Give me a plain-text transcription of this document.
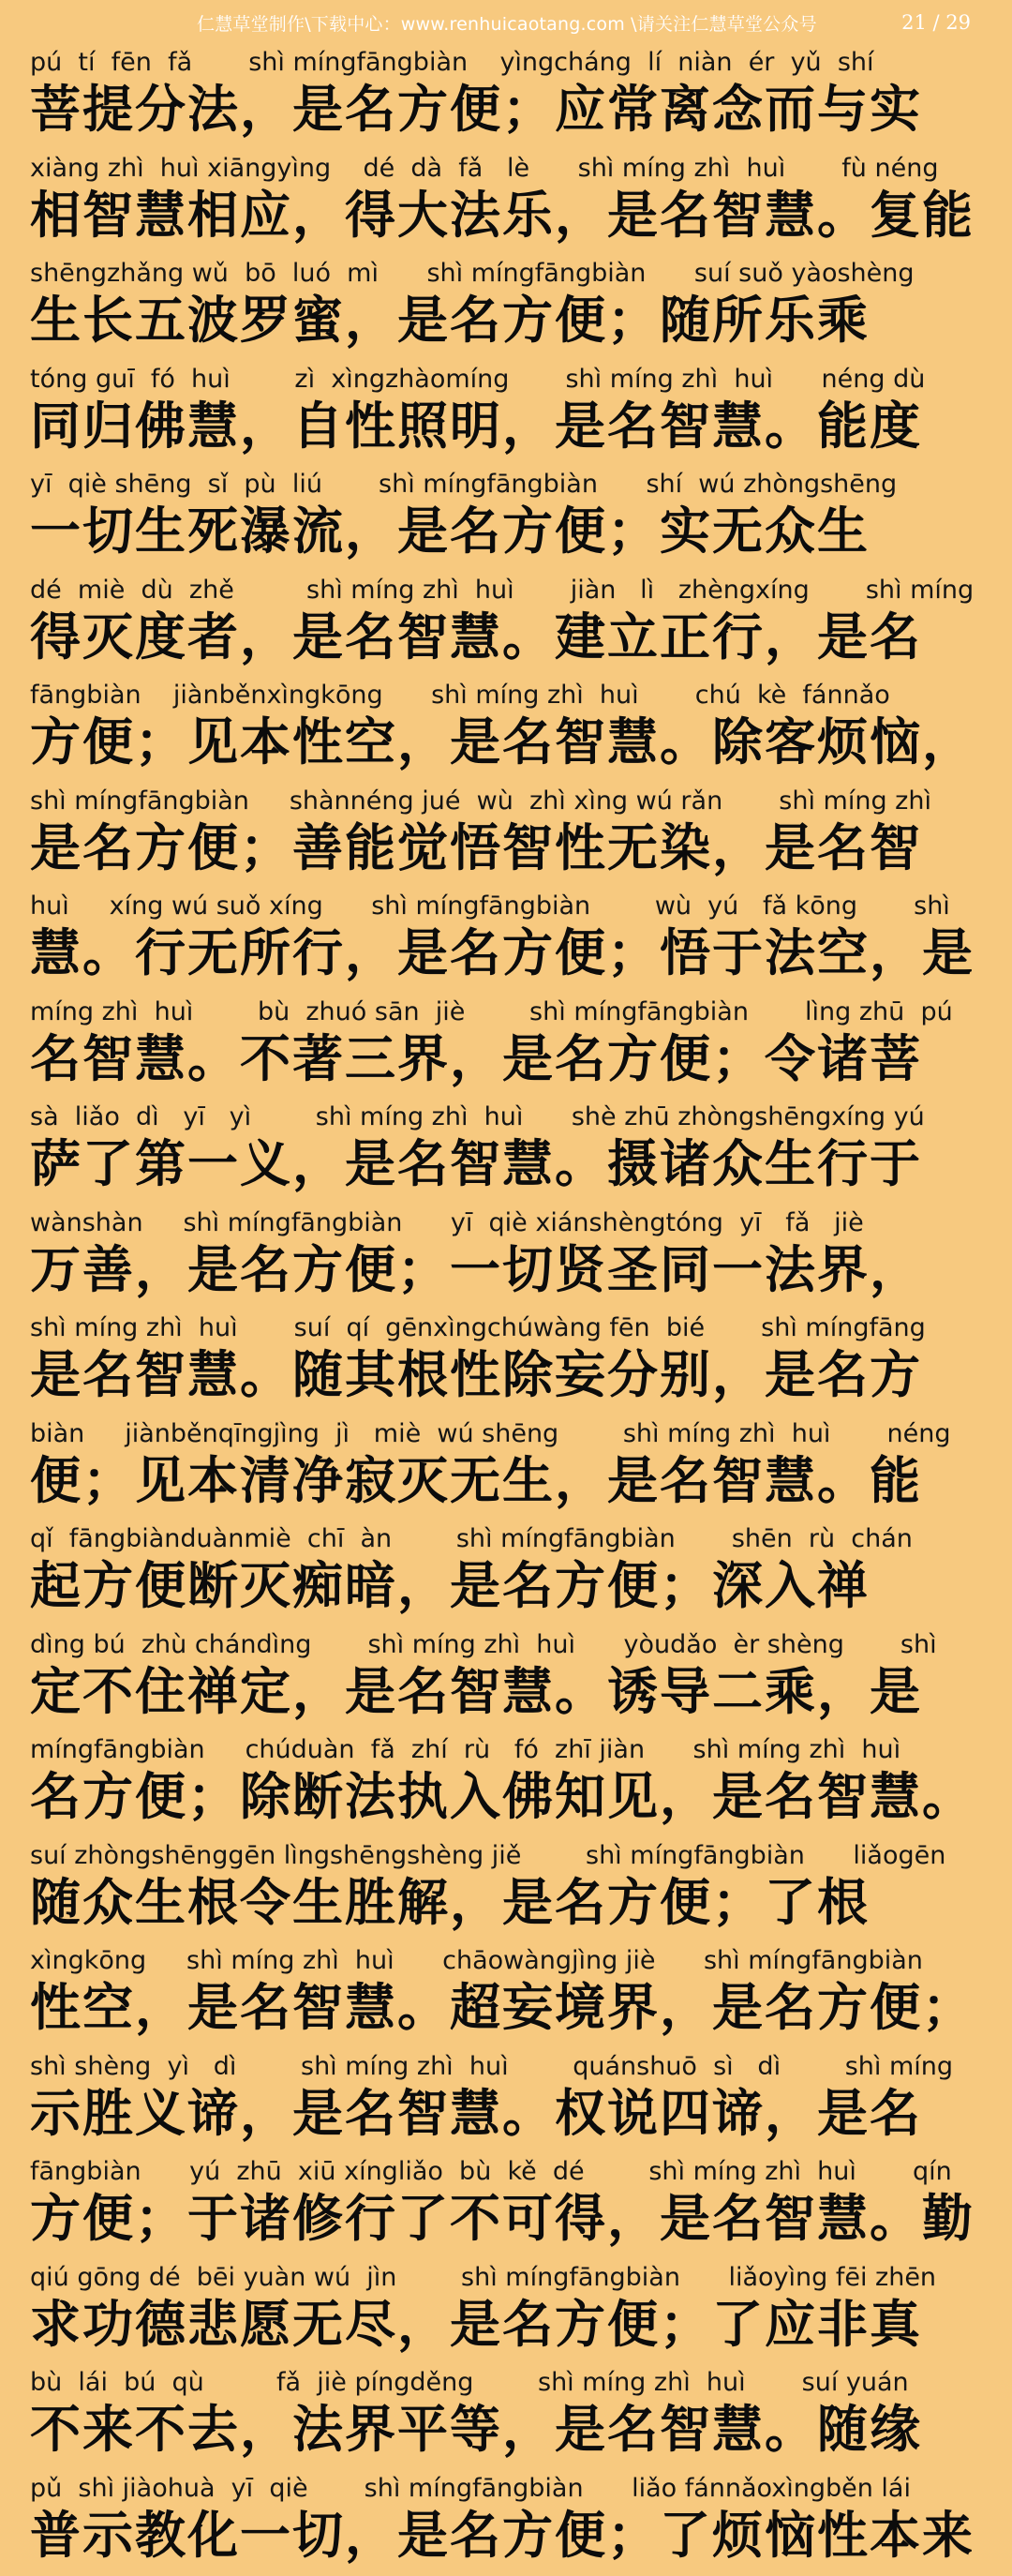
仁慧草堂制作\下载中心：www.renhuicaotang.com \请关注仁慧草堂公众号	21 / 29
pú  tí  fēn  fǎ       shì míngfāngbiàn    yìngcháng  lí  niàn  ér  yǔ  shí
菩提分法，是名方便；应常离念而与实
xiàng zhì  huì xiāngyìng    dé  dà  fǎ   lè      shì míng zhì  huì       fù néng
相智慧相应，得大法乐，是名智慧。复能
shēngzhǎng wǔ  bō  luó  mì      shì míngfāngbiàn      suí suǒ yàoshèng
生长五波罗蜜，是名方便；随所乐乘
tóng guī  fó  huì        zì  xìngzhàomíng       shì míng zhì  huì      néng dù
同归佛慧，自性照明，是名智慧。能度
yī  qiè shēng  sǐ  pù  liú       shì míngfāngbiàn      shí  wú zhòngshēng
一切生死瀑流，是名方便；实无众生
dé  miè  dù  zhě         shì míng zhì  huì       jiàn   lì   zhèngxíng       shì míng
得灭度者，是名智慧。建立正行，是名
fāngbiàn    jiànběnxìngkōng      shì míng zhì  huì       chú  kè  fánnǎo
方便；见本性空，是名智慧。除客烦恼，
shì míngfāngbiàn     shànnéng jué  wù  zhì xìng wú rǎn       shì míng zhì
是名方便；善能觉悟智性无染，是名智
huì     xíng wú suǒ xíng      shì míngfāngbiàn        wù  yú   fǎ kōng       shì
慧。行无所行，是名方便；悟于法空，是
míng zhì  huì        bù  zhuó sān  jiè        shì míngfāngbiàn       lìng zhū  pú
名智慧。不著三界，是名方便；令诸菩
sà  liǎo  dì   yī   yì        shì míng zhì  huì      shè zhū zhòngshēngxíng yú
萨了第一义，是名智慧。摄诸众生行于
wànshàn     shì míngfāngbiàn      yī  qiè xiánshèngtóng  yī   fǎ   jiè
万善，是名方便；一切贤圣同一法界，
shì míng zhì  huì       suí  qí  gēnxìngchúwàng fēn  bié       shì míngfāng
是名智慧。随其根性除妄分别，是名方
biàn     jiànběnqīngjìng  jì   miè  wú shēng        shì míng zhì  huì       néng
便；见本清净寂灭无生，是名智慧。能
qǐ  fāngbiànduànmiè  chī  àn        shì míngfāngbiàn       shēn  rù  chán
起方便断灭痴暗，是名方便；深入禅
dìng bú  zhù chándìng       shì míng zhì  huì      yòudǎo  èr shèng       shì
定不住禅定，是名智慧。诱导二乘，是
míngfāngbiàn     chúduàn  fǎ  zhí  rù   fó  zhī jiàn      shì míng zhì  huì
名方便；除断法执入佛知见，是名智慧。
suí zhòngshēnggēn lìngshēngshèng jiě        shì míngfāngbiàn      liǎogēn
随众生根令生胜解，是名方便；了根
xìngkōng     shì míng zhì  huì      chāowàngjìng jiè      shì míngfāngbiàn
性空，是名智慧。超妄境界，是名方便；
shì shèng  yì   dì        shì míng zhì  huì        quánshuō  sì   dì        shì míng
示胜义谛，是名智慧。权说四谛，是名
fāngbiàn      yú  zhū  xiū xíngliǎo  bù  kě  dé        shì míng zhì  huì       qín
方便；于诸修行了不可得，是名智慧。勤
qiú gōng dé  bēi yuàn wú  jìn        shì míngfāngbiàn      liǎoyìng fēi zhēn
求功德悲愿无尽，是名方便；了应非真
bù  lái  bú  qù         fǎ  jiè píngděng        shì míng zhì  huì       suí yuán
不来不去，法界平等，是名智慧。随缘
pǔ  shì jiàohuà  yī  qiè       shì míngfāngbiàn      liǎo fánnǎoxìngběn lái
普示教化一切，是名方便；了烦恼性本来
